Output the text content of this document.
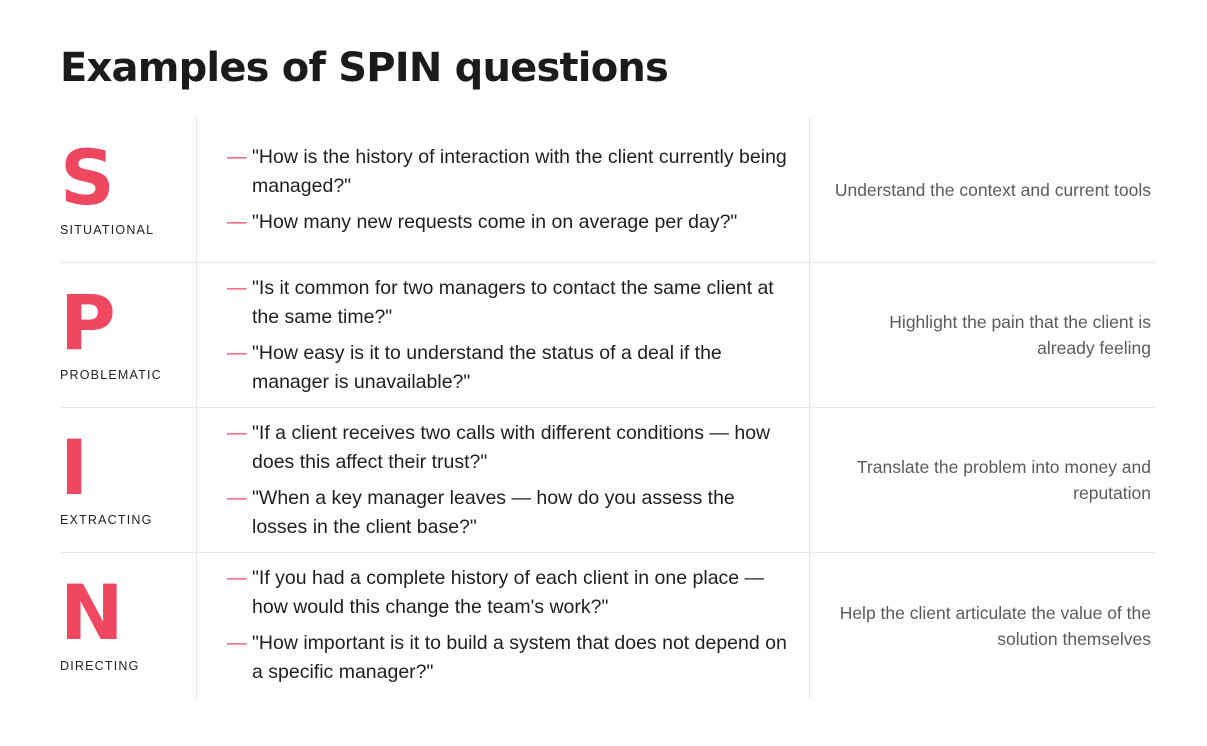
Examples of SPIN questions
S
SITUATIONAL

— "How is the history of interaction with the client currently being managed?"

— "How many new requests come in on average per day?"

Understand the context and current tools
P
PROBLEMATIC

— "Is it common for two managers to contact the same client at the same time?"

— "How easy is it to understand the status of a deal if the manager is unavailable?"

Highlight the pain that the client is already feeling
I
EXTRACTING

— "If a client receives two calls with different conditions — how does this affect their trust?"

— "When a key manager leaves — how do you assess the losses in the client base?"

Translate the problem into money and reputation
N
DIRECTING

— "If you had a complete history of each client in one place — how would this change the team's work?"

— "How important is it to build a system that does not depend on a specific manager?"

Help the client articulate the value of the solution themselves
